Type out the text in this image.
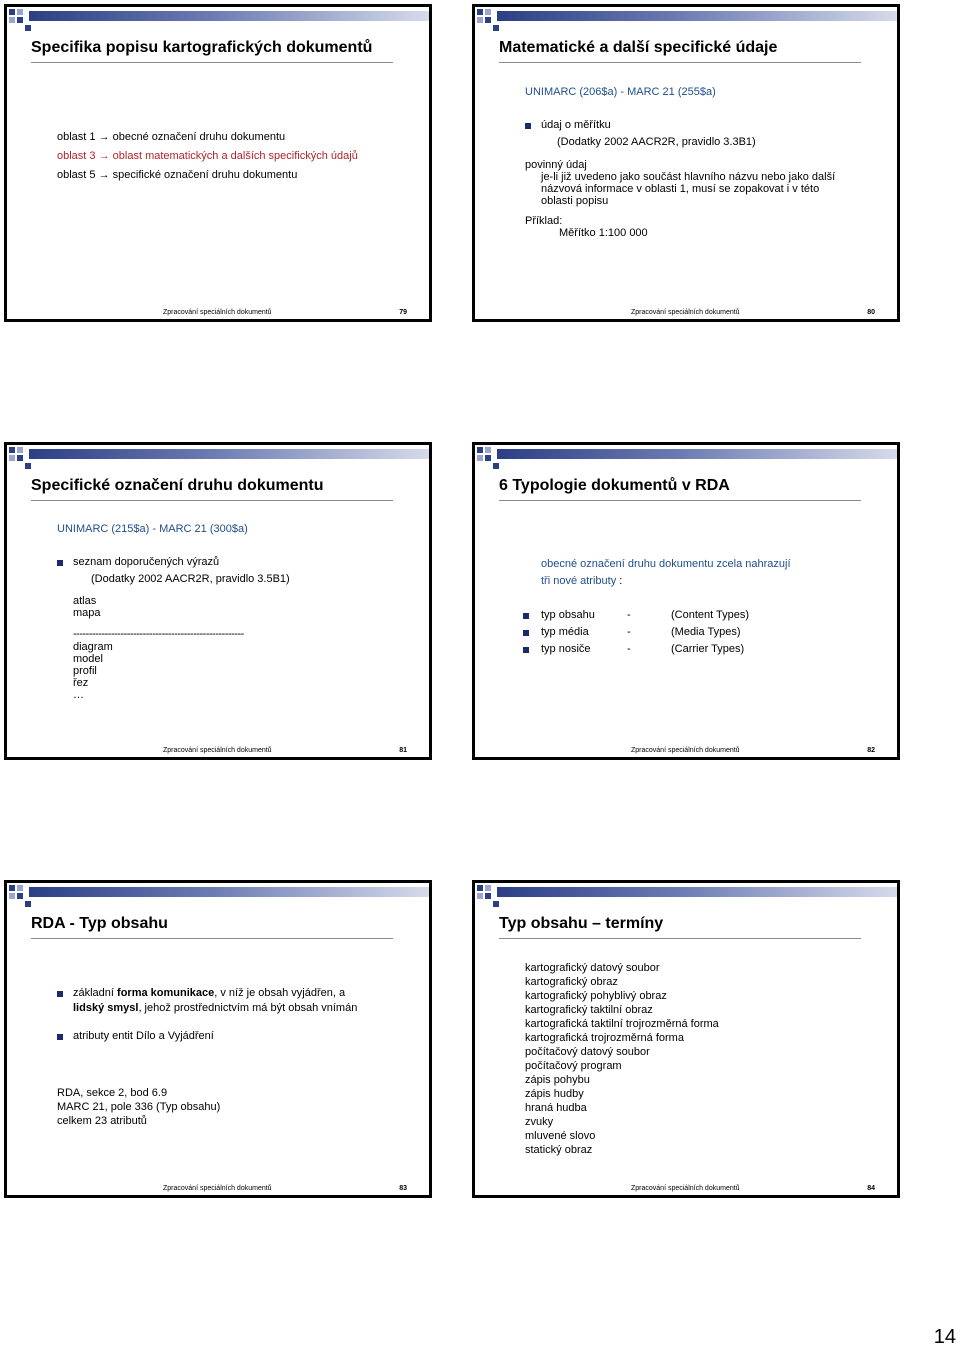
Specifika popisu kartografických dokumentů
oblast 1 → obecné označení druhu dokumentu
oblast 3 → oblast matematických a dalších specifických údajů
oblast 5 → specifické označení druhu dokumentu
Zpracování speciálních dokumentů	79
Matematické a další specifické údaje
UNIMARC (206$a) - MARC 21 (255$a)
údaj o měřítku
(Dodatky 2002 AACR2R, pravidlo 3.3B1)
povinný údaj
je-li již uvedeno jako součást hlavního názvu nebo jako další
názvová informace v oblasti 1, musí se zopakovat i v této
oblasti popisu
Příklad:
Měřítko 1:100 000
Zpracování speciálních dokumentů	80
Specifické označení druhu dokumentu
UNIMARC (215$a) - MARC 21 (300$a)
seznam doporučených výrazů
(Dodatky 2002 AACR2R, pravidlo 3.5B1)
atlas
mapa
------------------------------------------------------
diagram
model
profil
řez
…
Zpracování speciálních dokumentů	81
6 Typologie dokumentů v RDA
obecné označení druhu dokumentu zcela nahrazují
tři nové atributy :
typ obsahu	-	(Content Types)
typ média	-	(Media Types)
typ nosiče	-	(Carrier Types)
Zpracování speciálních dokumentů	82
RDA - Typ obsahu
základní forma komunikace, v níž je obsah vyjádřen, a
lidský smysl, jehož prostřednictvím má být obsah vnímán
atributy entit Dílo a Vyjádření
RDA, sekce 2, bod 6.9
MARC 21, pole 336 (Typ obsahu)
celkem 23 atributů
Zpracování speciálních dokumentů	83
Typ obsahu – termíny
kartografický datový soubor
kartografický obraz
kartografický pohyblivý obraz
kartografický taktilní obraz
kartografická taktilní trojrozměrná forma
kartografická trojrozměrná forma
počítačový datový soubor
počítačový program
zápis pohybu
zápis hudby
hraná hudba
zvuky
mluvené slovo
statický obraz
Zpracování speciálních dokumentů	84
14
